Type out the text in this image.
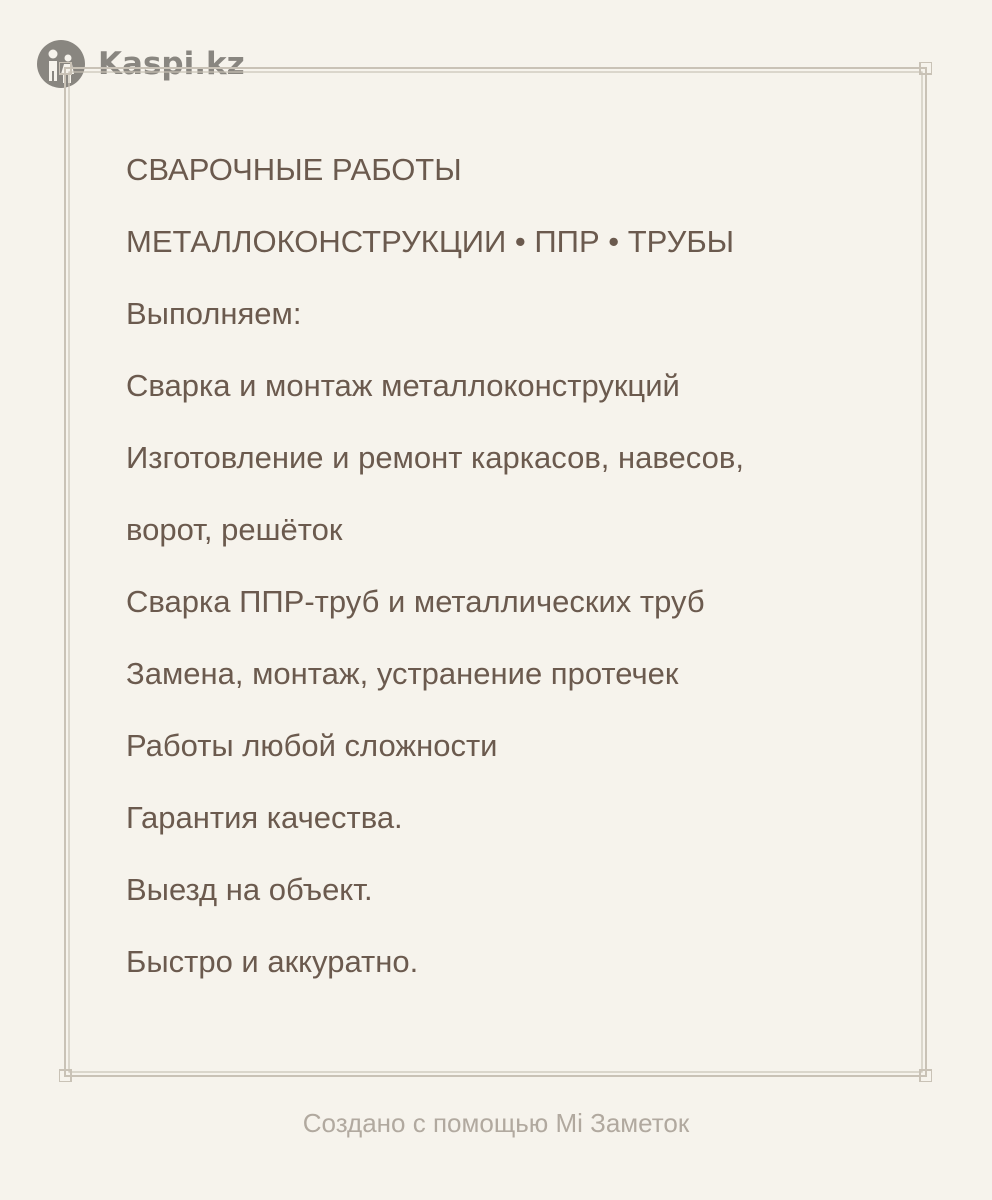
Kaspi.kz

СВАРОЧНЫЕ РАБОТЫ

МЕТАЛЛОКОНСТРУКЦИИ • ППР • ТРУБЫ

Выполняем:

Сварка и монтаж металлоконструкций

Изготовление и ремонт каркасов, навесов,

ворот, решёток

Сварка ППР-труб и металлических труб

Замена, монтаж, устранение протечек

Работы любой сложности

Гарантия качества.

Выезд на объект.

Быстро и аккуратно.

Создано с помощью Mi Заметок
